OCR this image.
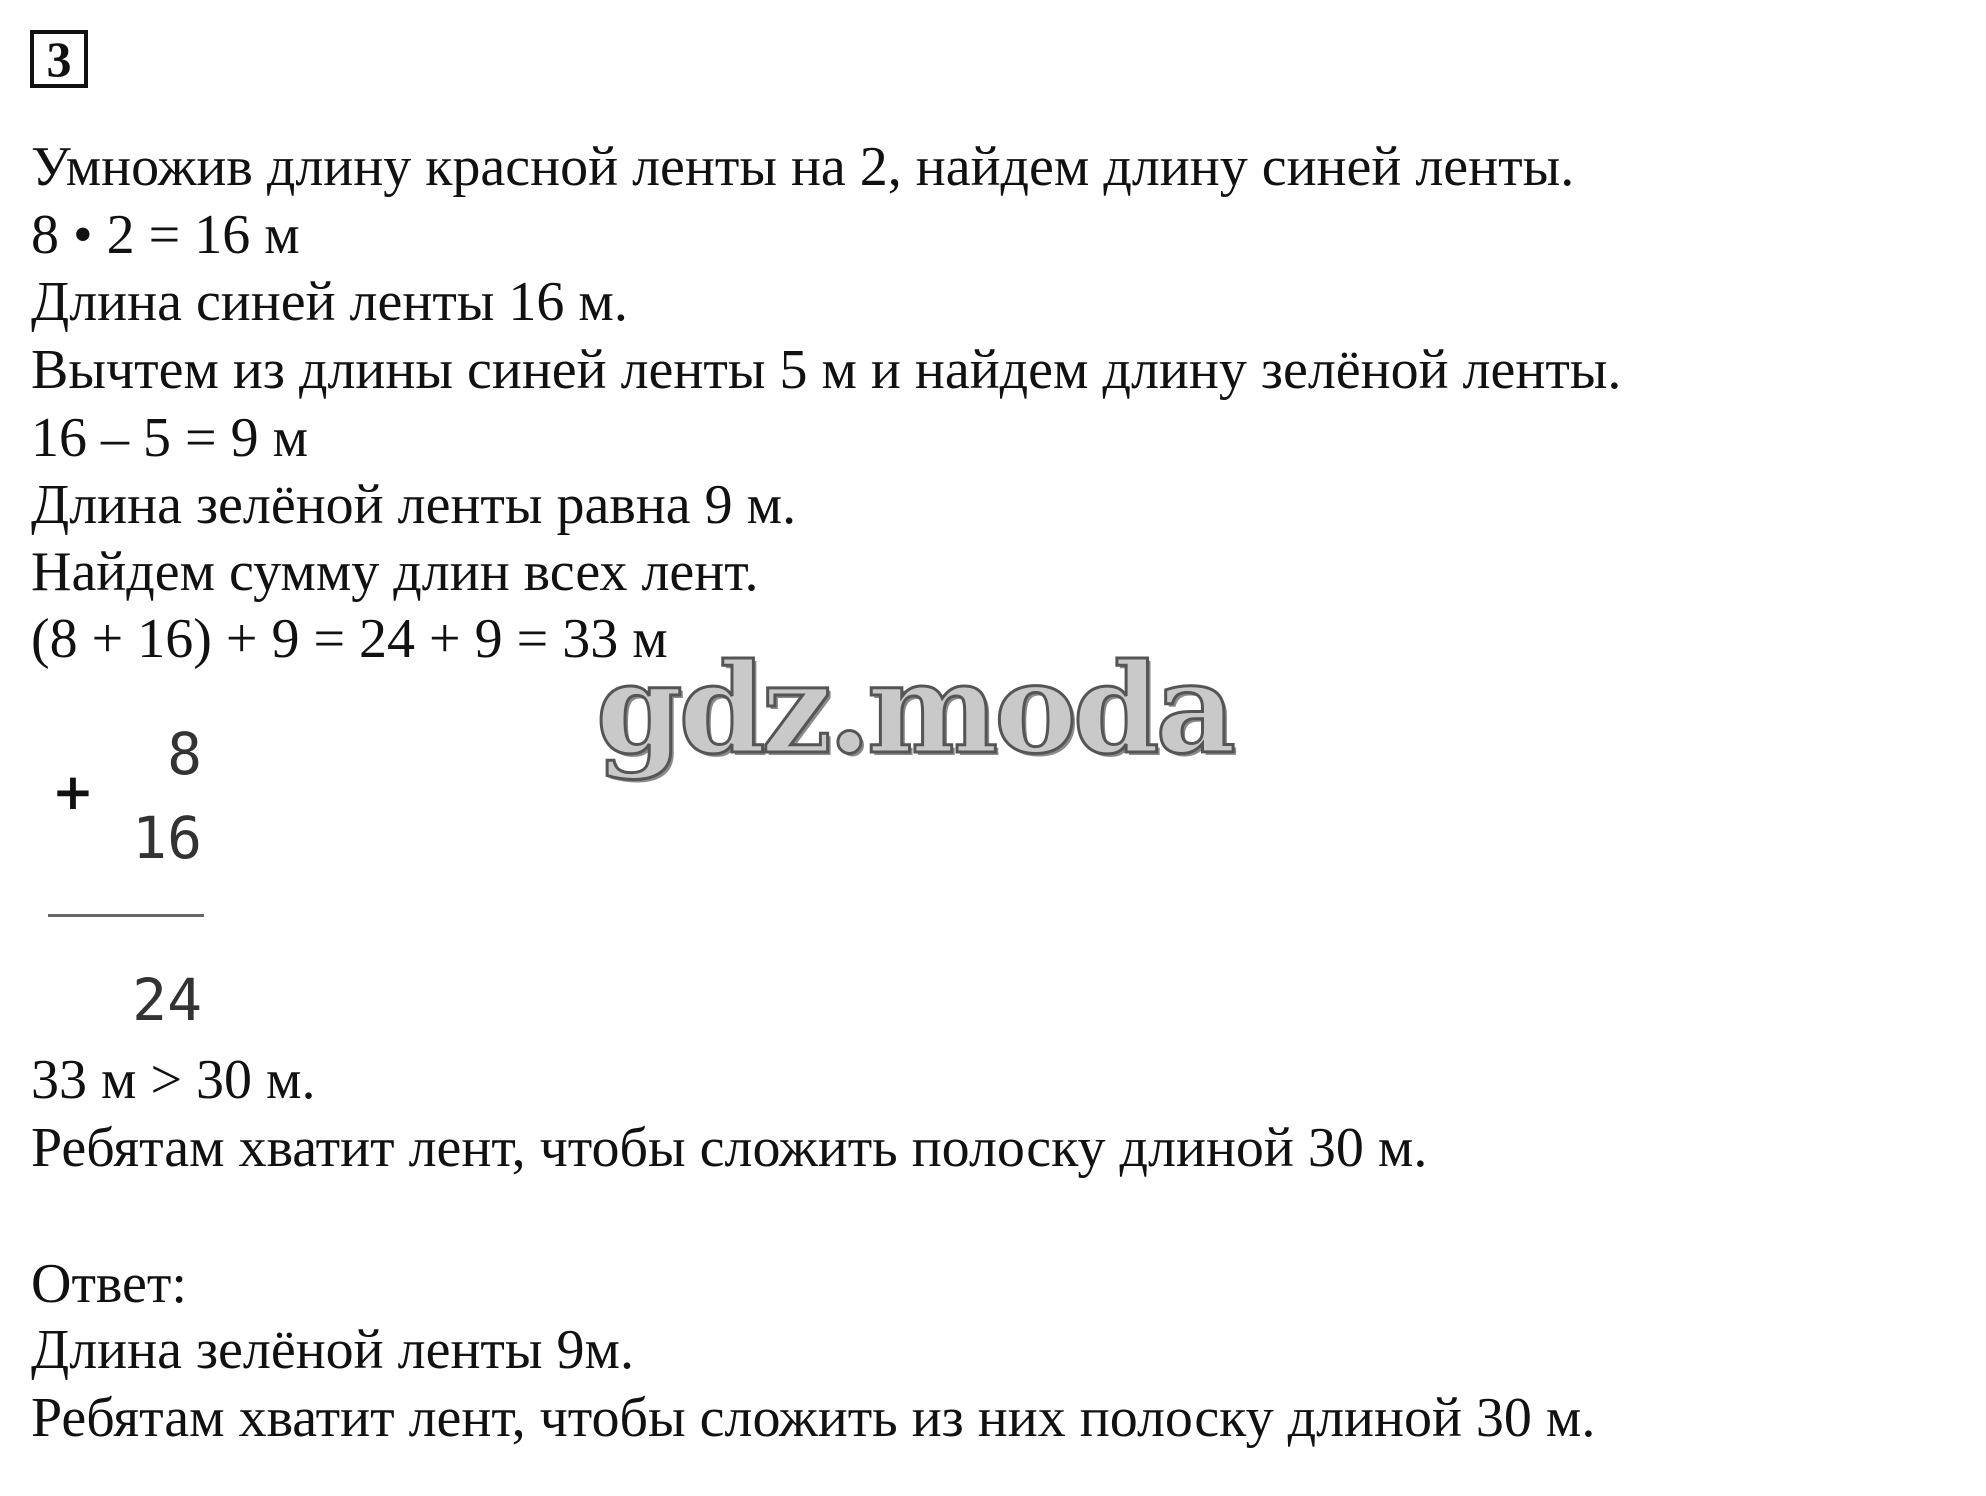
3
Умножив длину красной ленты на 2, найдем длину синей ленты.
8 • 2 = 16 м
Длина синей ленты 16 м.
Вычтем из длины синей ленты 5 м и найдем длину зелёной ленты.
16 – 5 = 9 м
Длина зелёной ленты равна 9 м.
Найдем сумму длин всех лент.
(8 + 16) + 9 = 24 + 9 = 33 м
gdz.moda
+
8
16
24
33 м > 30 м.
Ребятам хватит лент, чтобы сложить полоску длиной 30 м.
Ответ:
Длина зелёной ленты 9м.
Ребятам хватит лент, чтобы сложить из них полоску длиной 30 м.
